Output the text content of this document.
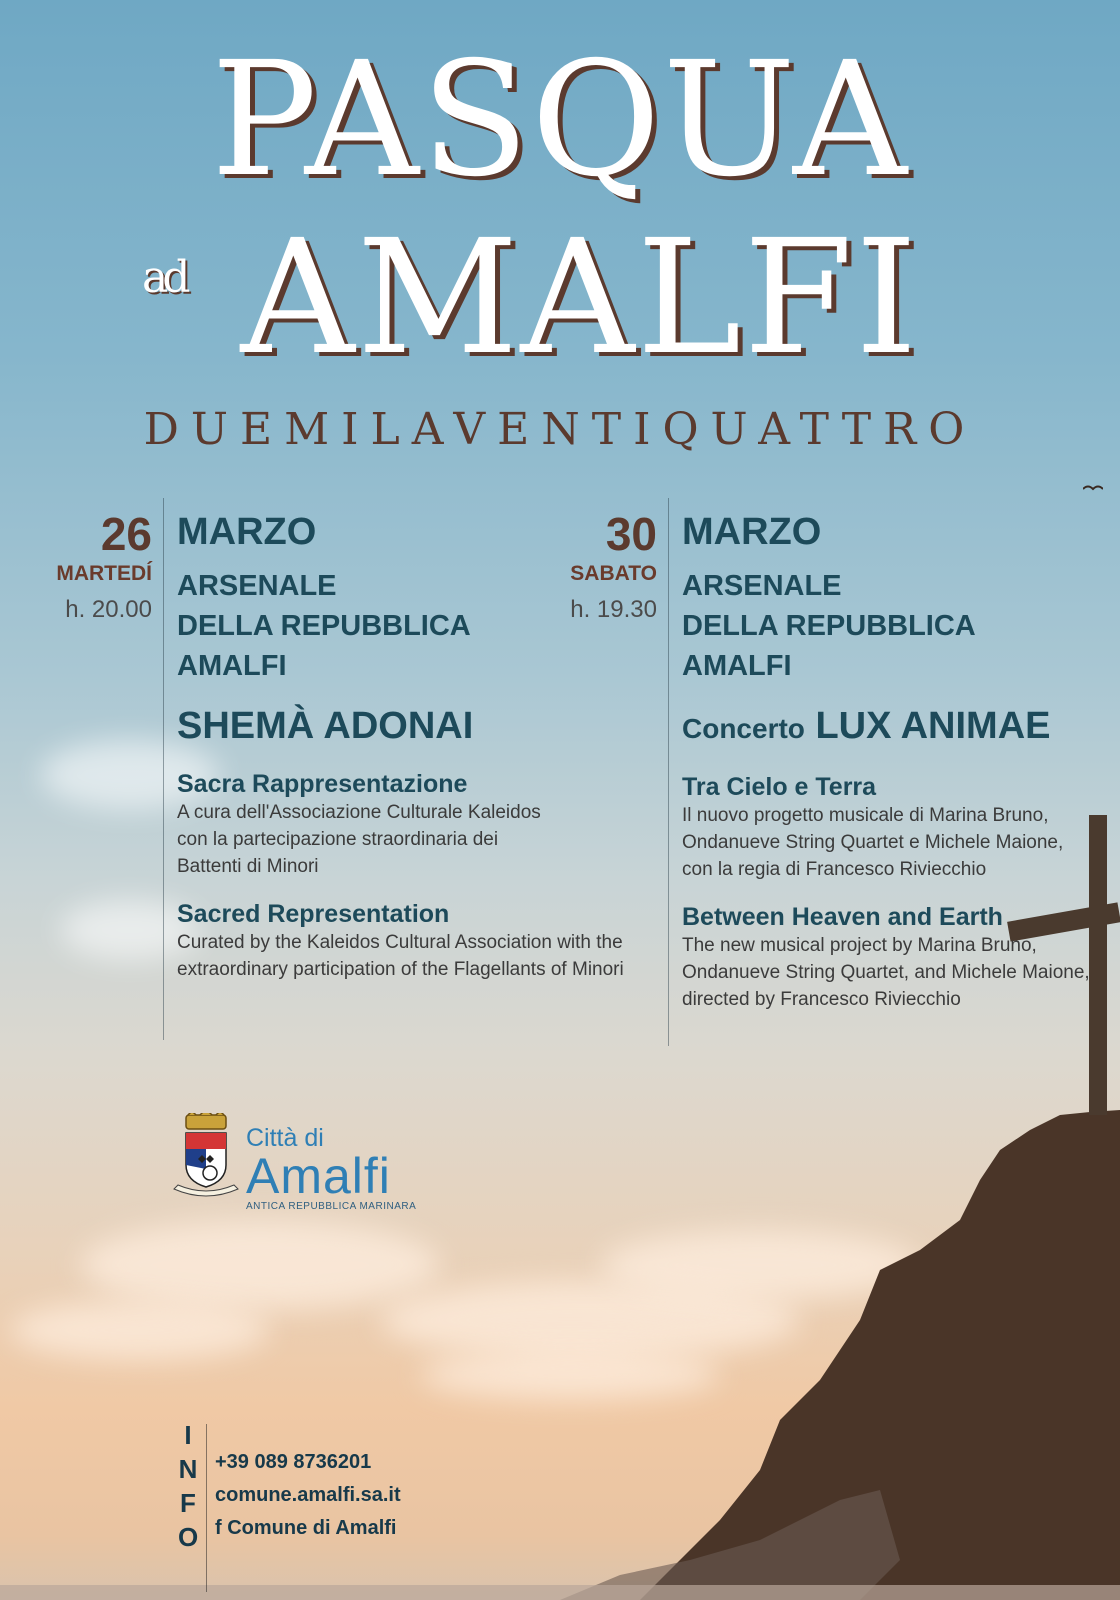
PASQUA
ad AMALFI
DUEMILAVENTIQUATTRO
26
MARTEDÍ
h. 20.00
MARZO
ARSENALE
DELLA REPUBBLICA
AMALFI
SHEMÀ ADONAI
Sacra Rappresentazione
A cura dell'Associazione Culturale Kaleidos
con la partecipazione straordinaria dei
Battenti di Minori
Sacred Representation
Curated by the Kaleidos Cultural Association with the
extraordinary participation of the Flagellants of Minori
30
SABATO
h. 19.30
MARZO
ARSENALE
DELLA REPUBBLICA
AMALFI
Concerto LUX ANIMAE
Tra Cielo e Terra
Il nuovo progetto musicale di Marina Bruno,
Ondanueve String Quartet e Michele Maione,
con la regia di Francesco Riviecchio
Between Heaven and Earth
The new musical project by Marina Bruno,
Ondanueve String Quartet, and Michele Maione,
directed by Francesco Riviecchio
Città di
Amalfi
ANTICA REPUBBLICA MARINARA
I
N
F
O
+39 089 8736201
comune.amalfi.sa.it
f Comune di Amalfi
